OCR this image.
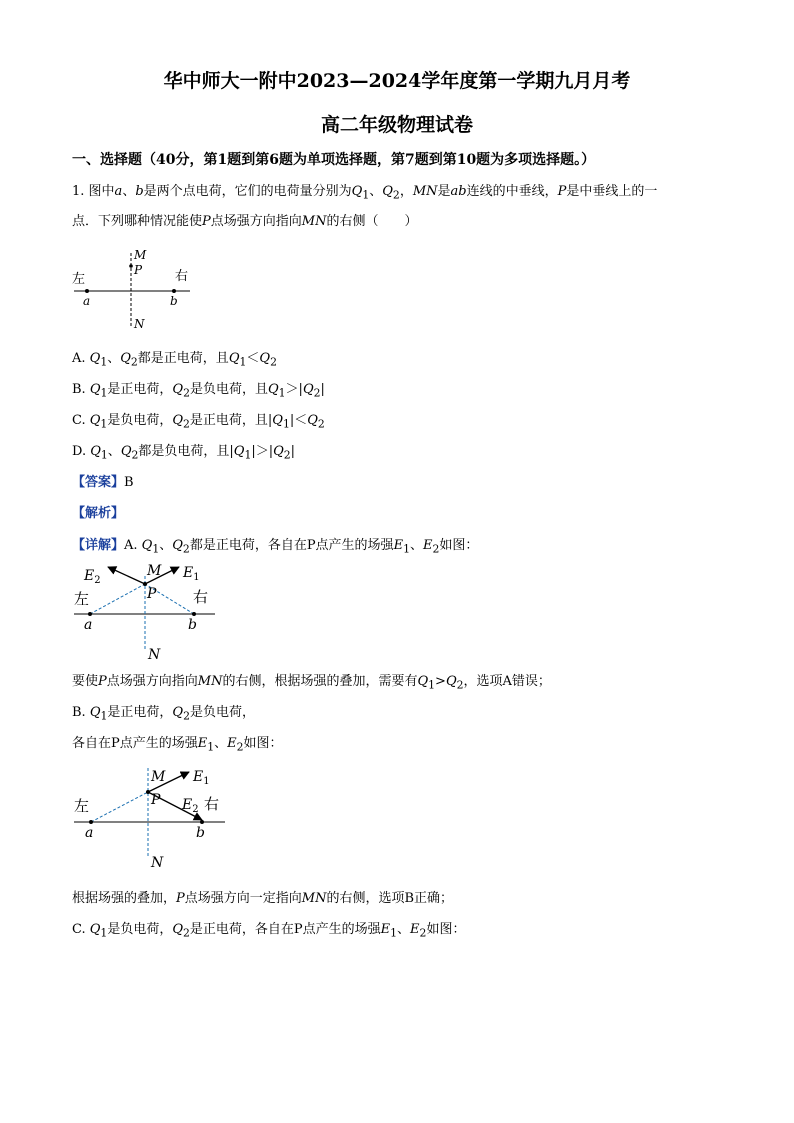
华中师大一附中2023—2024学年度第一学期九月月考
高二年级物理试卷
一、选择题（40分，第1题到第6题为单项选择题，第7题到第10题为多项选择题。）
1. 图中a、b是两个点电荷，它们的电荷量分别为$Q_1$、$Q_2$，MN是ab连线的中垂线，P是中垂线上的一
点．下列哪种情况能使P点场强方向指向MN的右侧（　　）
左	右
M
P
N
a	b
A. $Q_1$、$Q_2$都是正电荷，且$Q_1<Q_2$
B. $Q_1$是正电荷，$Q_2$是负电荷，且$Q_1>|Q_2|$
C. $Q_1$是负电荷，$Q_2$是正电荷，且$|Q_1|<Q_2$
D. $Q_1$、$Q_2$都是负电荷，且$|Q_1|>|Q_2|$
【答案】B
【解析】
【详解】A. $Q_1$、$Q_2$都是正电荷，各自在P点产生的场强$E_1$、$E_2$如图：
$E_2$
M $E_1$
左	P 右
a	b
N
要使P点场强方向指向MN的右侧，根据场强的叠加，需要有$Q_1>Q_2$，选项A错误；
B. $Q_1$是正电荷，$Q_2$是负电荷，
各自在P点产生的场强$E_1$、$E_2$如图：
M $E_1$
左	P $E_2$ 右
a	b
N
根据场强的叠加，P点场强方向一定指向MN的右侧，选项B正确；
C. $Q_1$是负电荷，$Q_2$是正电荷，各自在P点产生的场强$E_1$、$E_2$如图：
